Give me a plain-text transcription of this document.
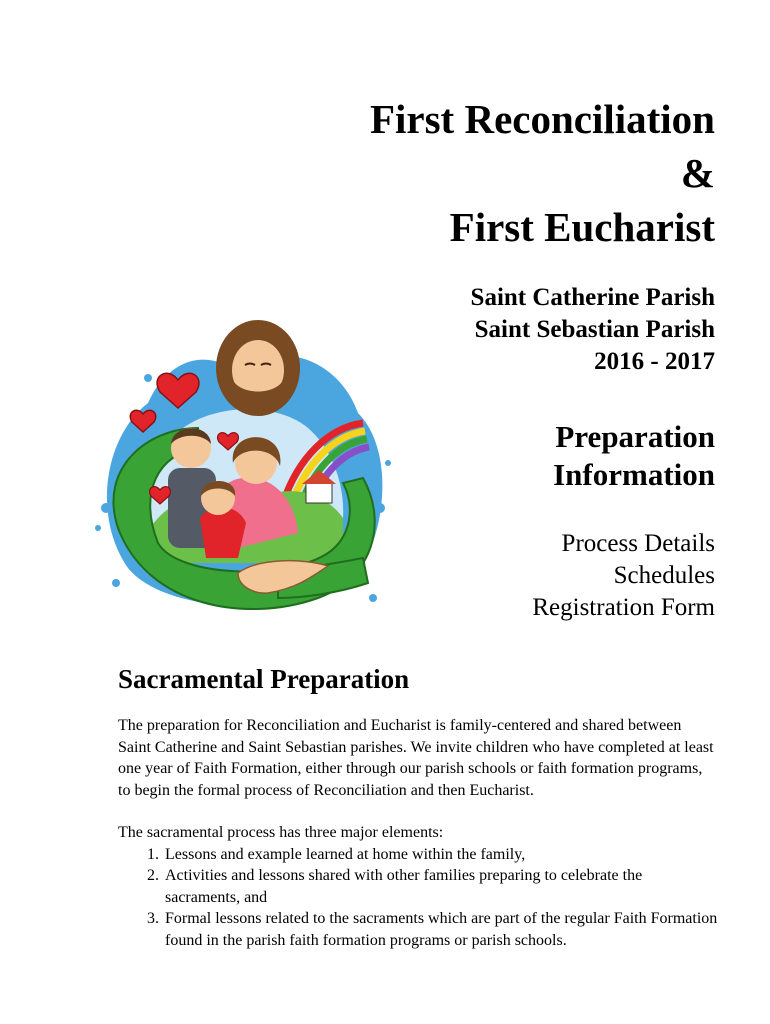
First Reconciliation
&
First Eucharist
Saint Catherine Parish
Saint Sebastian Parish
2016 - 2017
Preparation
Information
Process Details
Schedules
Registration Form
Sacramental Preparation

The preparation for Reconciliation and Eucharist is family-centered and shared between Saint Catherine and Saint Sebastian parishes. We invite children who have completed at least one year of Faith Formation, either through our parish schools or faith formation programs, to begin the formal process of Reconciliation and then Eucharist.

The sacramental process has three major elements:

1. Lessons and example learned at home within the family,
2. Activities and lessons shared with other families preparing to celebrate the sacraments, and
3. Formal lessons related to the sacraments which are part of the regular Faith Formation found in the parish faith formation programs or parish schools.
